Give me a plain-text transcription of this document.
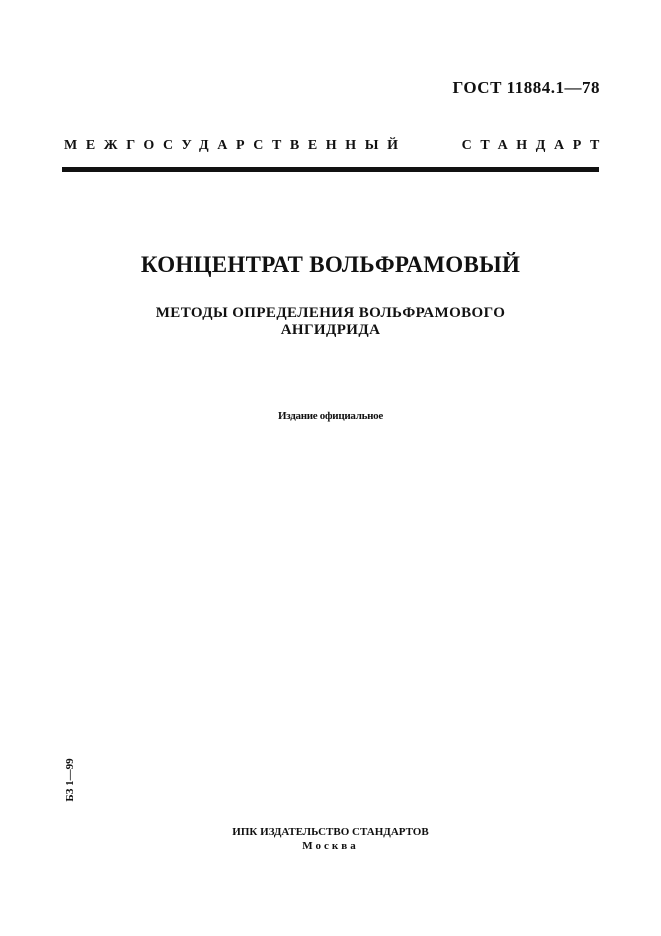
ГОСТ 11884.1—78
МЕЖГОСУДАРСТВЕННЫЙ	СТАНДАРТ
КОНЦЕНТРАТ ВОЛЬФРАМОВЫЙ
МЕТОДЫ ОПРЕДЕЛЕНИЯ ВОЛЬФРАМОВОГО
АНГИДРИДА
Издание официальное
БЗ 1—99
ИПК ИЗДАТЕЛЬСТВО СТАНДАРТОВ
Москва
